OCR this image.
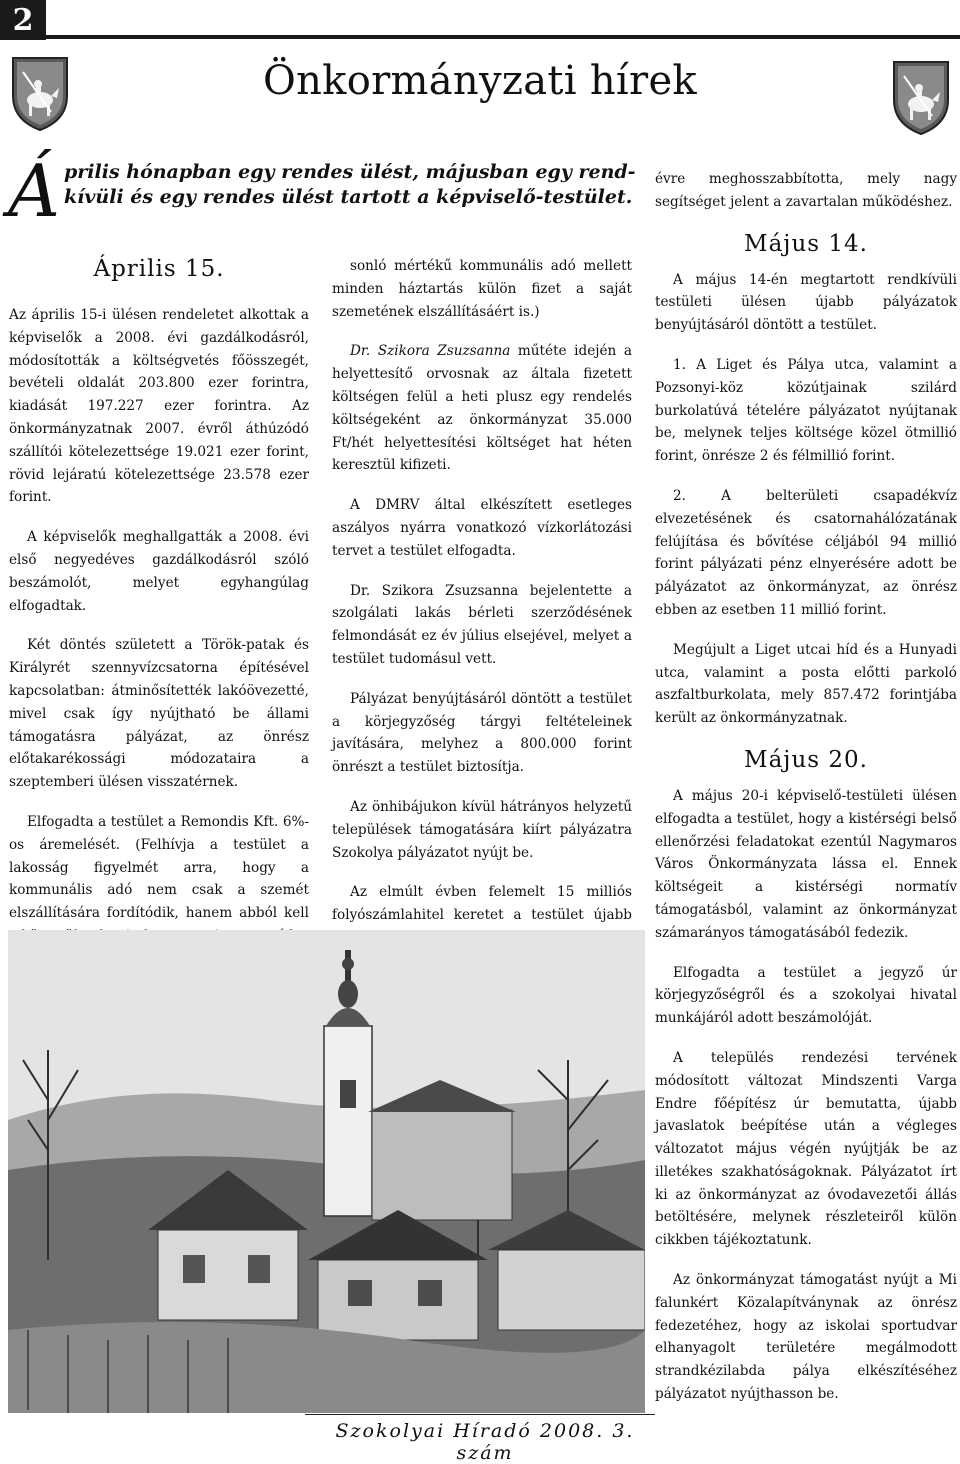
2
Önkormányzati hírek
Április hónapban egy rendes ülést, májusban egy rend-kívüli és egy rendes ülést tartott a képviselő-testület.
Április 15.

Az április 15-i ülésen rendeletet alkottak a képviselők a 2008. évi gazdálkodásról, módosították a költségvetés főösszegét, bevételi oldalát 203.800 ezer forintra, kiadását 197.227 ezer forintra. Az önkormányzatnak 2007. évről áthúzódó szállítói kötelezettsége 19.021 ezer forint, rövid lejáratú kötelezettsége 23.578 ezer forint.

A képviselők meghallgatták a 2008. évi első negyedéves gazdálkodásról szóló beszámolót, melyet egyhangúlag elfogadtak.

Két döntés született a Török-patak és Királyrét szennyvízcsatorna építésével kapcsolatban: átminősítették lakóövezetté, mivel csak így nyújtható be állami támogatásra pályázat, az önrész előtakarékossági módozataira a szeptemberi ülésen visszatérnek.

Elfogadta a testület a Remondis Kft. 6%-os áremelését. (Felhívja a testület a lakosság figyelmét arra, hogy a kommunális adó nem csak a szemét elszállítására fordítódik, hanem abból kell

sonló mértékű kommunális adó mellett minden háztartás külön fizet a saját szemetének elszállításáért is.)

Dr. Szikora Zsuzsanna műtéte idején a helyettesítő orvosnak az általa fizetett költségen felül a heti plusz egy rendelés költségeként az önkormányzat 35.000 Ft/hét helyettesítési költséget hat héten keresztül kifizeti.

A DMRV által elkészített esetleges aszályos nyárra vonatkozó vízkorlátozási tervet a testület elfogadta.

Dr. Szikora Zsuzsanna bejelentette a szolgálati lakás bérleti szerződésének felmondását ez év július elsejével, melyet a testület tudomásul vett.

Pályázat benyújtásáról döntött a testület a körjegyzőség tárgyi feltételeinek javítására, melyhez a 800.000 forint önrészt a testület biztosítja.

Az önhibájukon kívül hátrányos helyzetű települések támogatására kiírt pályázatra Szokolya pályázatot nyújt be.

Az elmúlt évben felemelt 15 milliós folyószámlahitel keretet a testület újabb

évre meghosszabbította, mely nagy segítséget jelent a zavartalan működéshez.

Május 14.

A május 14-én megtartott rendkívüli testületi ülésen újabb pályázatok benyújtásáról döntött a testület.

1. A Liget és Pálya utca, valamint a Pozsonyi-köz közútjainak szilárd burkolatúvá tételére pályázatot nyújtanak be, melynek teljes költsége közel ötmillió forint, önrésze 2 és félmillió forint.

2. A belterületi csapadékvíz elvezetésének és csatornahálózatának felújítása és bővítése céljából 94 millió forint pályázati pénz elnyerésére adott be pályázatot az önkormányzat, az önrész ebben az esetben 11 millió forint.

Megújult a Liget utcai híd és a Hunyadi utca, valamint a posta előtti parkoló aszfaltburkolata, mely 857.472 forintjába került az önkormányzatnak.

Május 20.

A május 20-i képviselő-testületi ülésen elfogadta a testület, hogy a kistérségi belső ellenőrzési feladatokat ezentúl Nagymaros Város Önkormányzata lássa el. Ennek költségeit a kistérségi normatív támogatásból, valamint az önkormányzat számarányos támogatásából fedezik.

Elfogadta a testület a jegyző úr körjegyzőségről és a szokolyai hivatal munkájáról adott beszámolóját.

A település rendezési tervének módosított változat Mindszenti Varga Endre főépítész úr bemutatta, újabb javaslatok beépítése után a végleges változatot május végén nyújtják be az illetékes szakhatóságoknak. Pályázatot írt ki az önkormányzat az óvodavezetői állás betöltésére, melynek részleteiről külön cikkben tájékoztatunk.

Az önkormányzat támogatást nyújt a Mi falunkért Közalapítványnak az önrész fedezetéhez, hogy az iskolai sportudvar elhanyagolt területére megálmodott strandkézilabda pálya elkészítéséhez pályázatot nyújthasson be.

Szokolyai Híradó 2008. 3. szám
